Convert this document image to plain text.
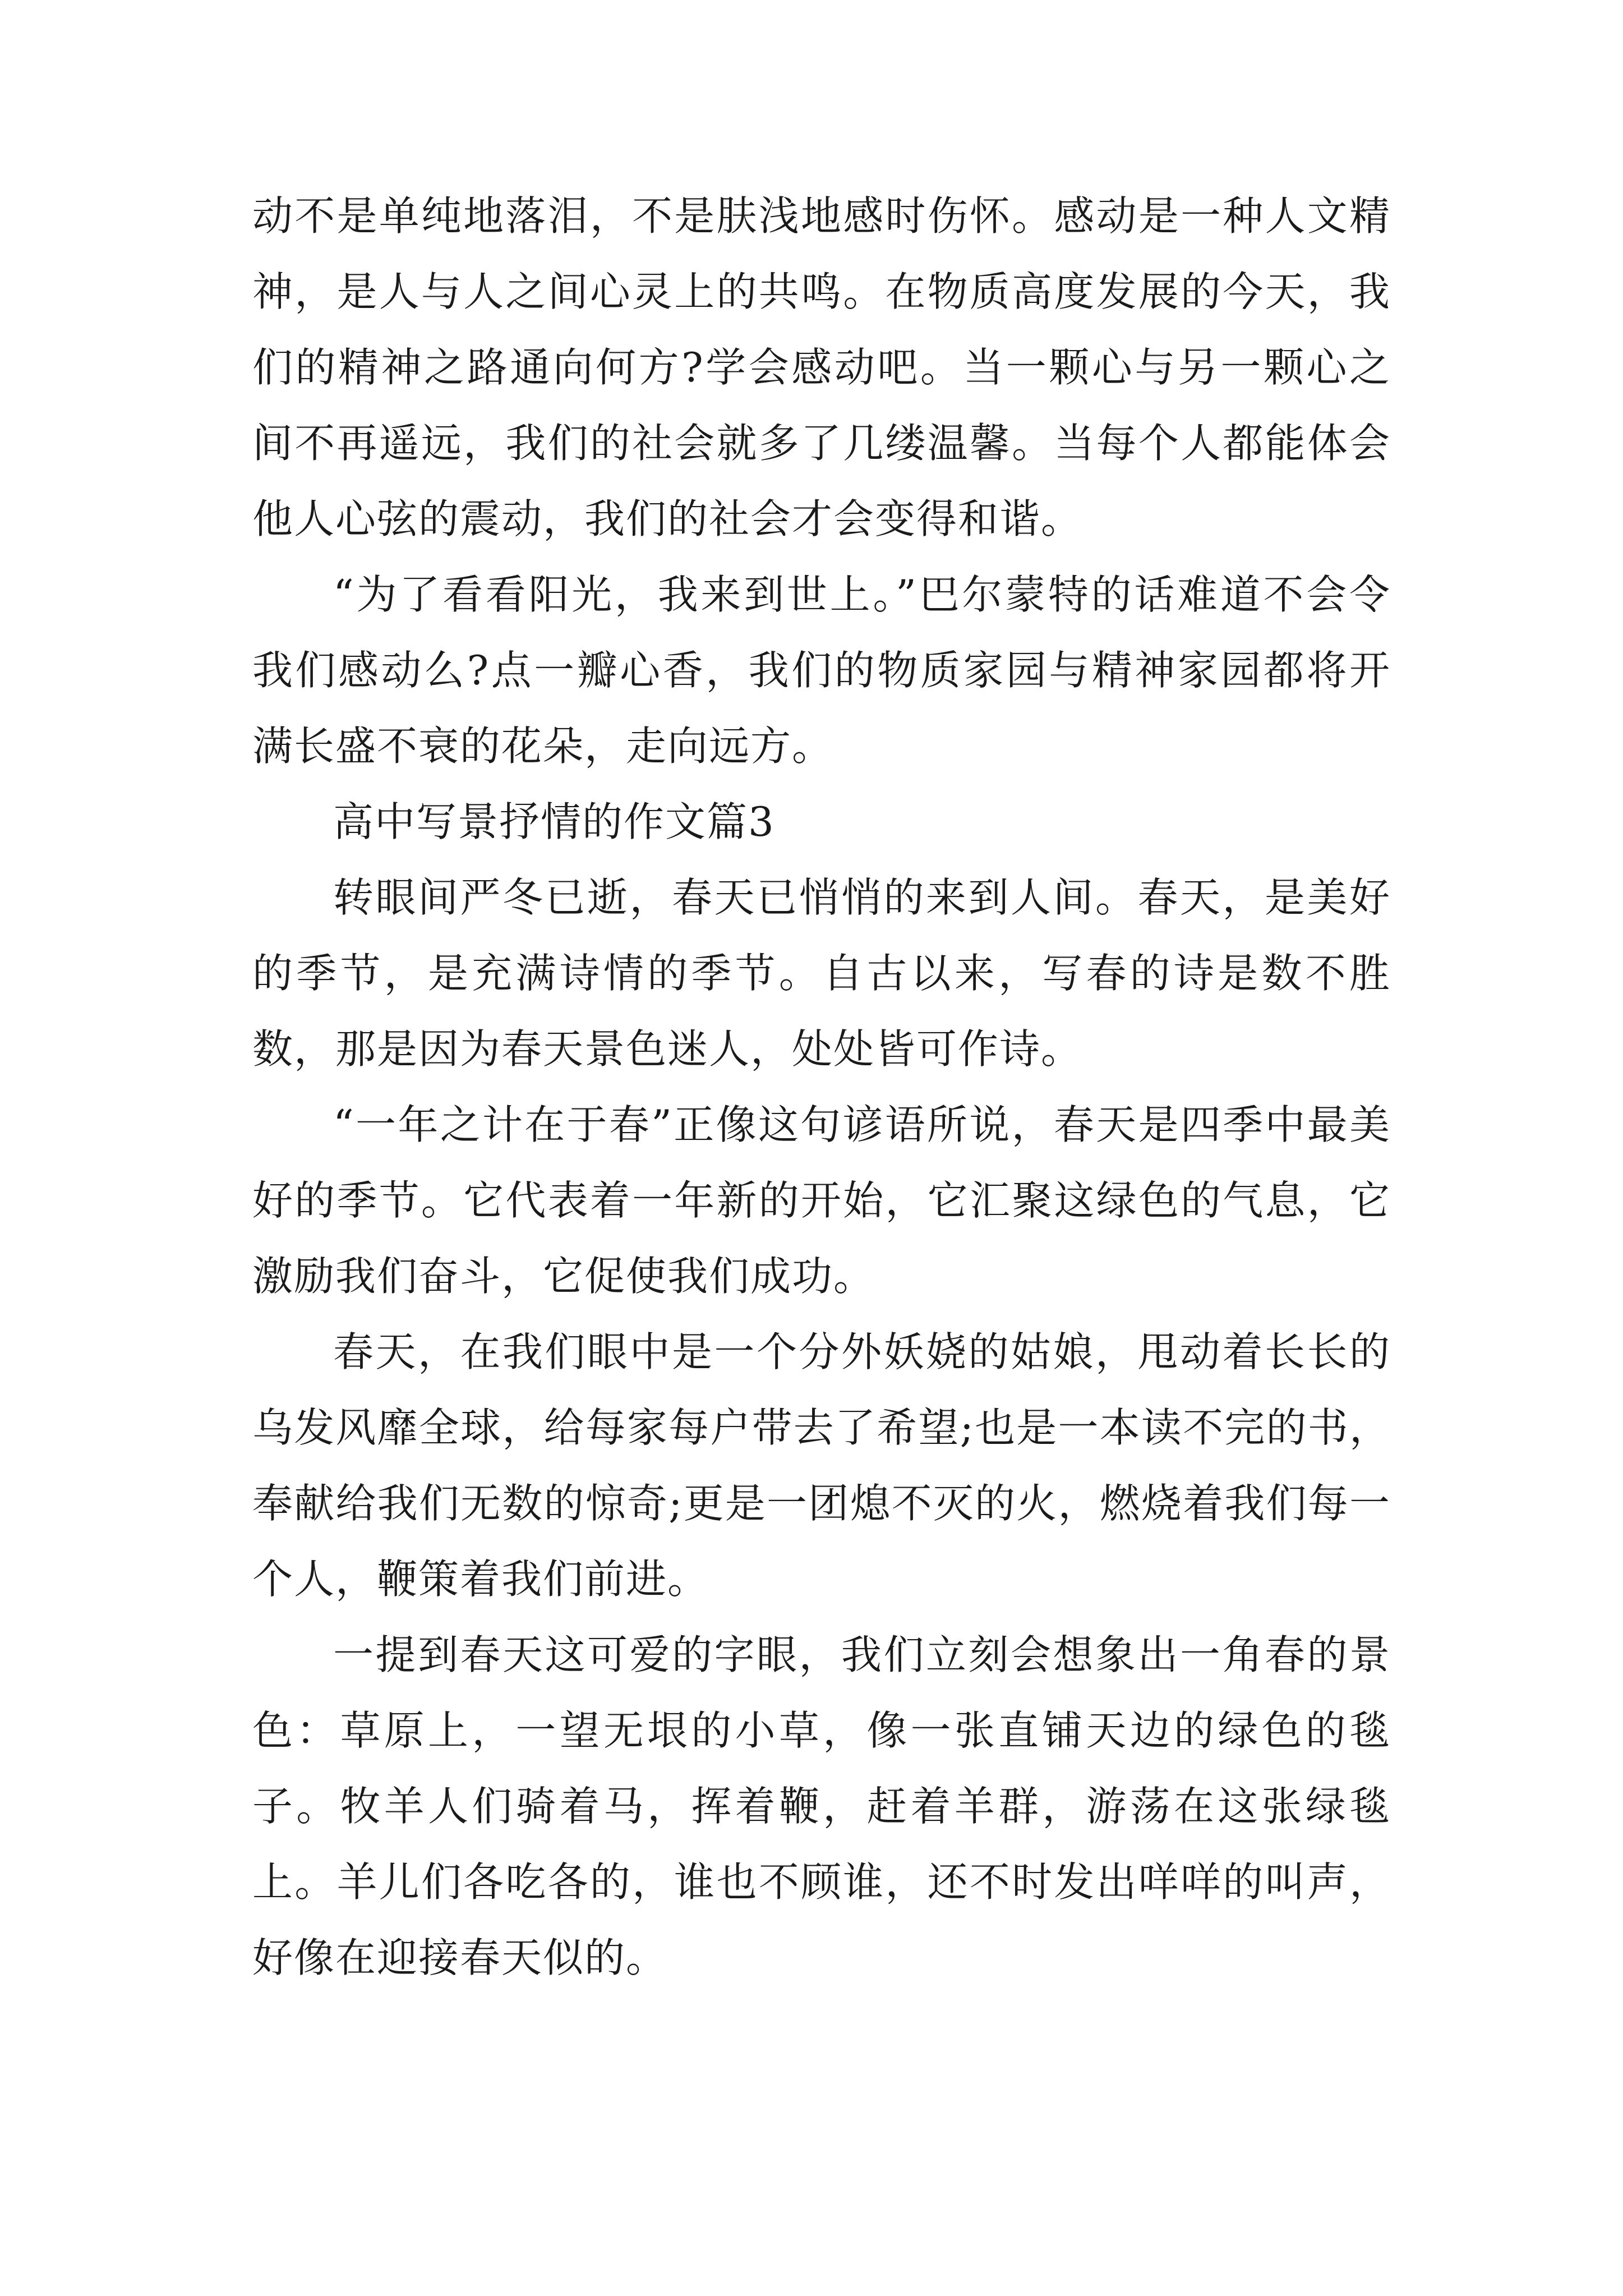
动不是单纯地落泪，不是肤浅地感时伤怀。感动是一种人文精神，是人与人之间心灵上的共鸣。在物质高度发展的今天，我们的精神之路通向何方?学会感动吧。当一颗心与另一颗心之间不再遥远，我们的社会就多了几缕温馨。当每个人都能体会他人心弦的震动，我们的社会才会变得和谐。

“为了看看阳光，我来到世上。”巴尔蒙特的话难道不会令我们感动么?点一瓣心香，我们的物质家园与精神家园都将开满长盛不衰的花朵，走向远方。

高中写景抒情的作文篇3

转眼间严冬已逝，春天已悄悄的来到人间。春天，是美好的季节，是充满诗情的季节。自古以来，写春的诗是数不胜数，那是因为春天景色迷人，处处皆可作诗。

“一年之计在于春”正像这句谚语所说，春天是四季中最美好的季节。它代表着一年新的开始，它汇聚这绿色的气息，它激励我们奋斗，它促使我们成功。

春天，在我们眼中是一个分外妖娆的姑娘，甩动着长长的乌发风靡全球，给每家每户带去了希望;也是一本读不完的书，奉献给我们无数的惊奇;更是一团熄不灭的火，燃烧着我们每一个人，鞭策着我们前进。

一提到春天这可爱的字眼，我们立刻会想象出一角春的景色：草原上，一望无垠的小草，像一张直铺天边的绿色的毯子。牧羊人们骑着马，挥着鞭，赶着羊群，游荡在这张绿毯上。羊儿们各吃各的，谁也不顾谁，还不时发出咩咩的叫声，好像在迎接春天似的。
